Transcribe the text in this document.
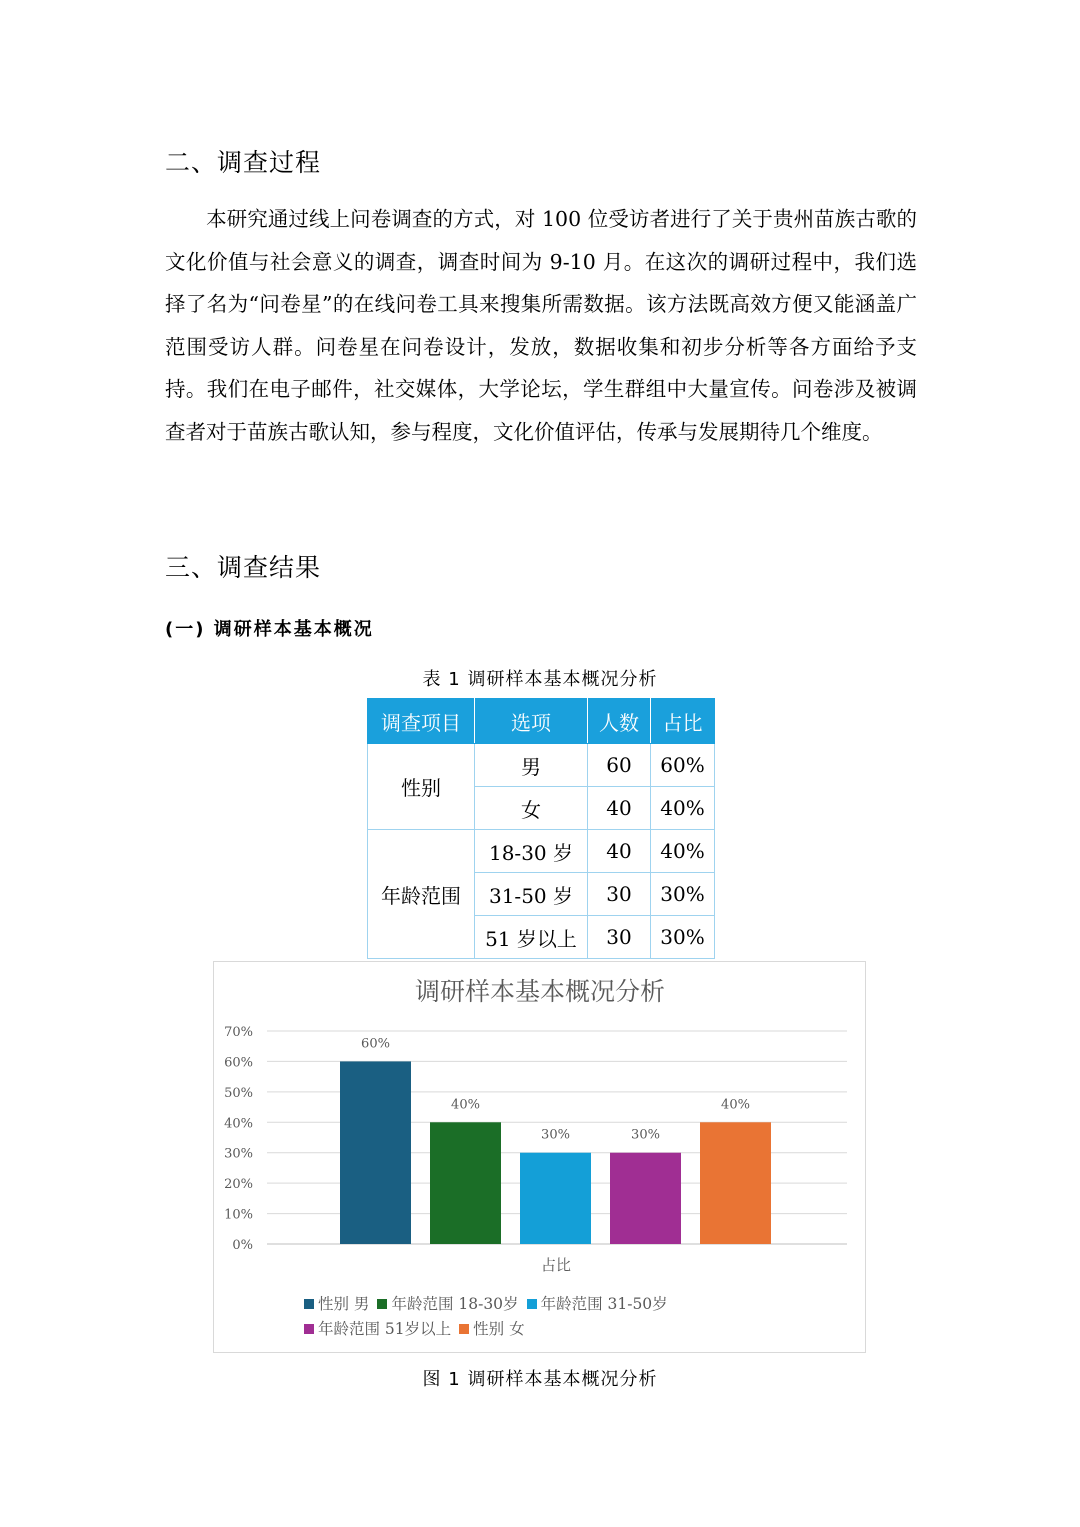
二、调查过程
本研究通过线上问卷调查的方式，对 100 位受访者进行了关于贵州苗族古歌的文化价值与社会意义的调查，调查时间为 9-10 月。在这次的调研过程中，我们选择了名为“问卷星”的在线问卷工具来搜集所需数据。该方法既高效方便又能涵盖广范围受访人群。问卷星在问卷设计，发放，数据收集和初步分析等各方面给予支持。我们在电子邮件，社交媒体，大学论坛，学生群组中大量宣传。问卷涉及被调查者对于苗族古歌认知，参与程度，文化价值评估，传承与发展期待几个维度。
三、调查结果
(一) 调研样本基本概况
表 1 调研样本基本概况分析
调查项目	选项	人数	占比
性别	男	60	60%
	女	40	40%
年龄范围	18-30 岁	40	40%
	31-50 岁	30	30%
	51 岁以上	30	30%
调研样本基本概况分析
0%
10%
20%
30%
40%
50%
60%
70%
60%
40%
30%	30%
40%
占比
性别 男 年龄范围 18-30岁 年龄范围 31-50岁年龄范围 51岁以上 性别 女
图 1 调研样本基本概况分析
